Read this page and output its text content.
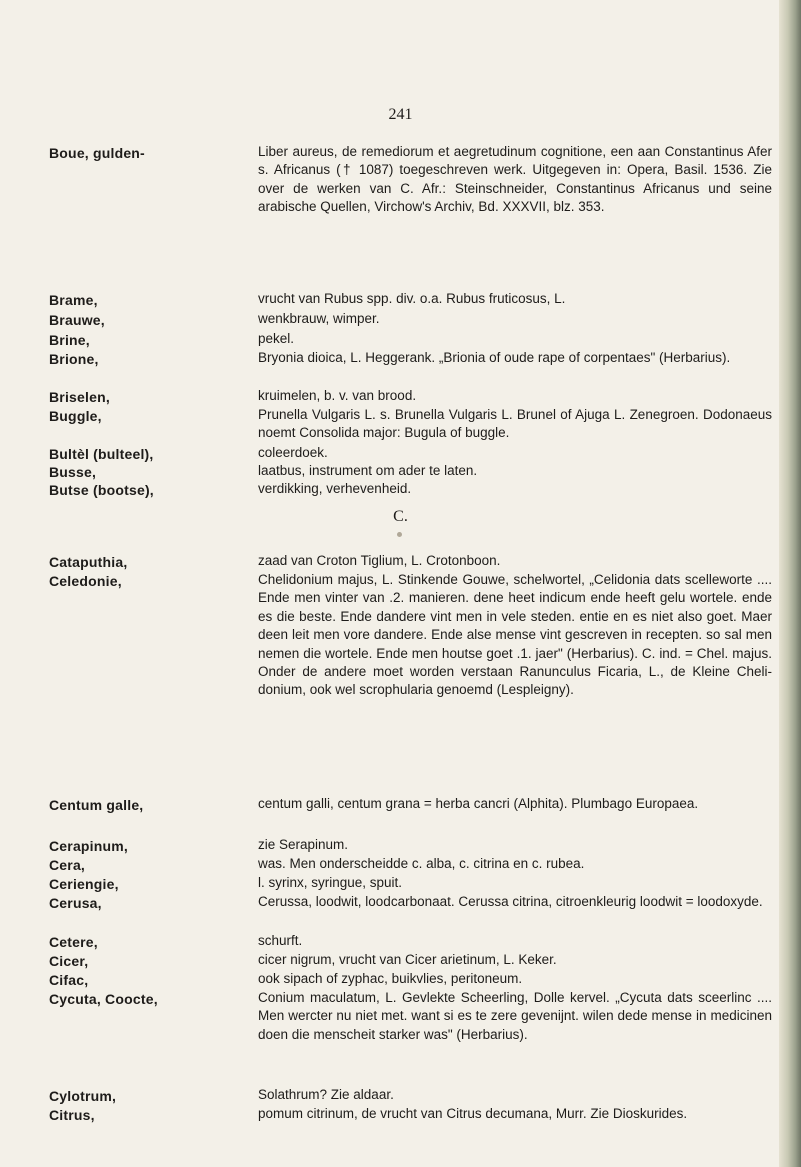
241
Boue, gulden-	Liber aureus, de remediorum et aegretudinum cognitione, een aan Constantinus Afer s. Africanus († 1087) toegeschreven werk. Uitgegeven in: Opera, Basil. 1536. Zie over de werken van C. Afr.: Steinschneider, Constantinus Africanus und seine arabische Quellen, Virchow's Archiv, Bd. XXXVII, blz. 353.
Brame,	vrucht van Rubus spp. div. o.a. Rubus fruticosus, L.
Brauwe,	wenkbrauw, wimper.
Brine,	pekel.
Brione,	Bryonia dioica, L. Heggerank. „Brionia of oude rape of corpentaes" (Herbarius).
Briselen,	kruimelen, b. v. van brood.
Buggle,	Prunella Vulgaris L. s. Brunella Vulgaris L. Brunel of Ajuga L. Zenegroen. Dodonaeus noemt Consolida major: Bugula of buggle.
Bultèl (bulteel),	coleerdoek.
Busse,	laatbus, instrument om ader te laten.
Butse (bootse),	verdikking, verhevenheid.
C.
Cataputhia,	zaad van Croton Tiglium, L. Crotonboon.
Celedonie,	Chelidonium majus, L. Stinkende Gouwe, schelwortel, „Celidonia dats scelleworte .... Ende men vinter van .2. manieren. dene heet indicum ende heeft gelu wortele. ende es die beste. Ende dandere vint men in vele steden. entie en es niet also goet. Maer deen leit men vore dandere. Ende alse mense vint gescreven in recepten. so sal men nemen die wortele. Ende men houtse goet .1. jaer" (Herbarius). C. ind. = Chel. majus. Onder de andere moet worden verstaan Ranunculus Ficaria, L., de Kleine Chelidonium, ook wel scrophularia genoemd (Lespleigny).
Centum galle,	centum galli, centum grana = herba cancri (Alphita). Plumbago Europaea.
Cerapinum,	zie Serapinum.
Cera,	was. Men onderscheidde c. alba, c. citrina en c. rubea.
Ceriengie,	l. syrinx, syringue, spuit.
Cerusa,	Cerussa, loodwit, loodcarbonaat. Cerussa citrina, citroenkleurig loodwit = loodoxyde.
Cetere,	schurft.
Cicer,	cicer nigrum, vrucht van Cicer arietinum, L. Keker.
Cifac,	ook sipach of zyphac, buikvlies, peritoneum.
Cycuta, Coocte,	Conium maculatum, L. Gevlekte Scheerling, Dolle kervel. „Cycuta dats sceerlinc .... Men wercter nu niet met. want si es te zere gevenijnt. wilen dede mense in medicinen doen die menscheit starker was" (Herbarius).
Cylotrum,	Solathrum? Zie aldaar.
Citrus,	pomum citrinum, de vrucht van Citrus decumana, Murr. Zie Dioskurides.
